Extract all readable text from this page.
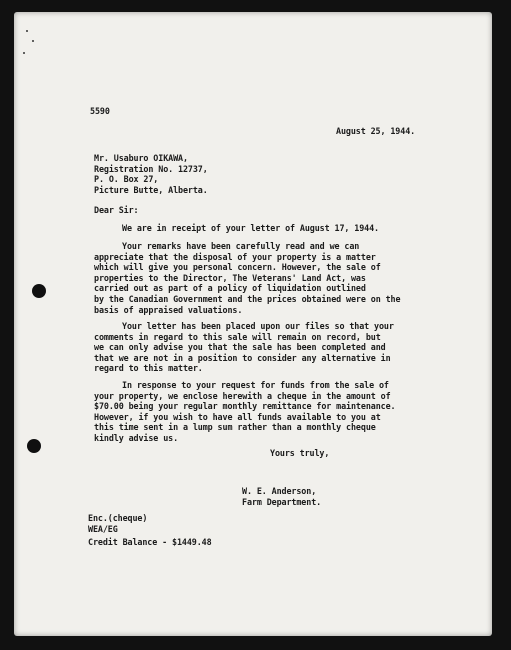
5590
August 25, 1944.
Mr. Usaburo OIKAWA,
Registration No. 12737,
P. O. Box 27,
Picture Butte, Alberta.
Dear Sir:
We are in receipt of your letter of August 17, 1944.
Your remarks have been carefully read and we can
appreciate that the disposal of your property is a matter
which will give you personal concern. However, the sale of
properties to the Director, The Veterans' Land Act, was
carried out as part of a policy of liquidation outlined
by the Canadian Government and the prices obtained were on the
basis of appraised valuations.
Your letter has been placed upon our files so that your
comments in regard to this sale will remain on record, but
we can only advise you that the sale has been completed and
that we are not in a position to consider any alternative in
regard to this matter.
In response to your request for funds from the sale of
your property, we enclose herewith a cheque in the amount of
$70.00 being your regular monthly remittance for maintenance.
However, if you wish to have all funds available to you at
this time sent in a lump sum rather than a monthly cheque
kindly advise us.
Yours truly,
W. E. Anderson,
Farm Department.
Enc.(cheque)
WEA/EG
Credit Balance - $1449.48
